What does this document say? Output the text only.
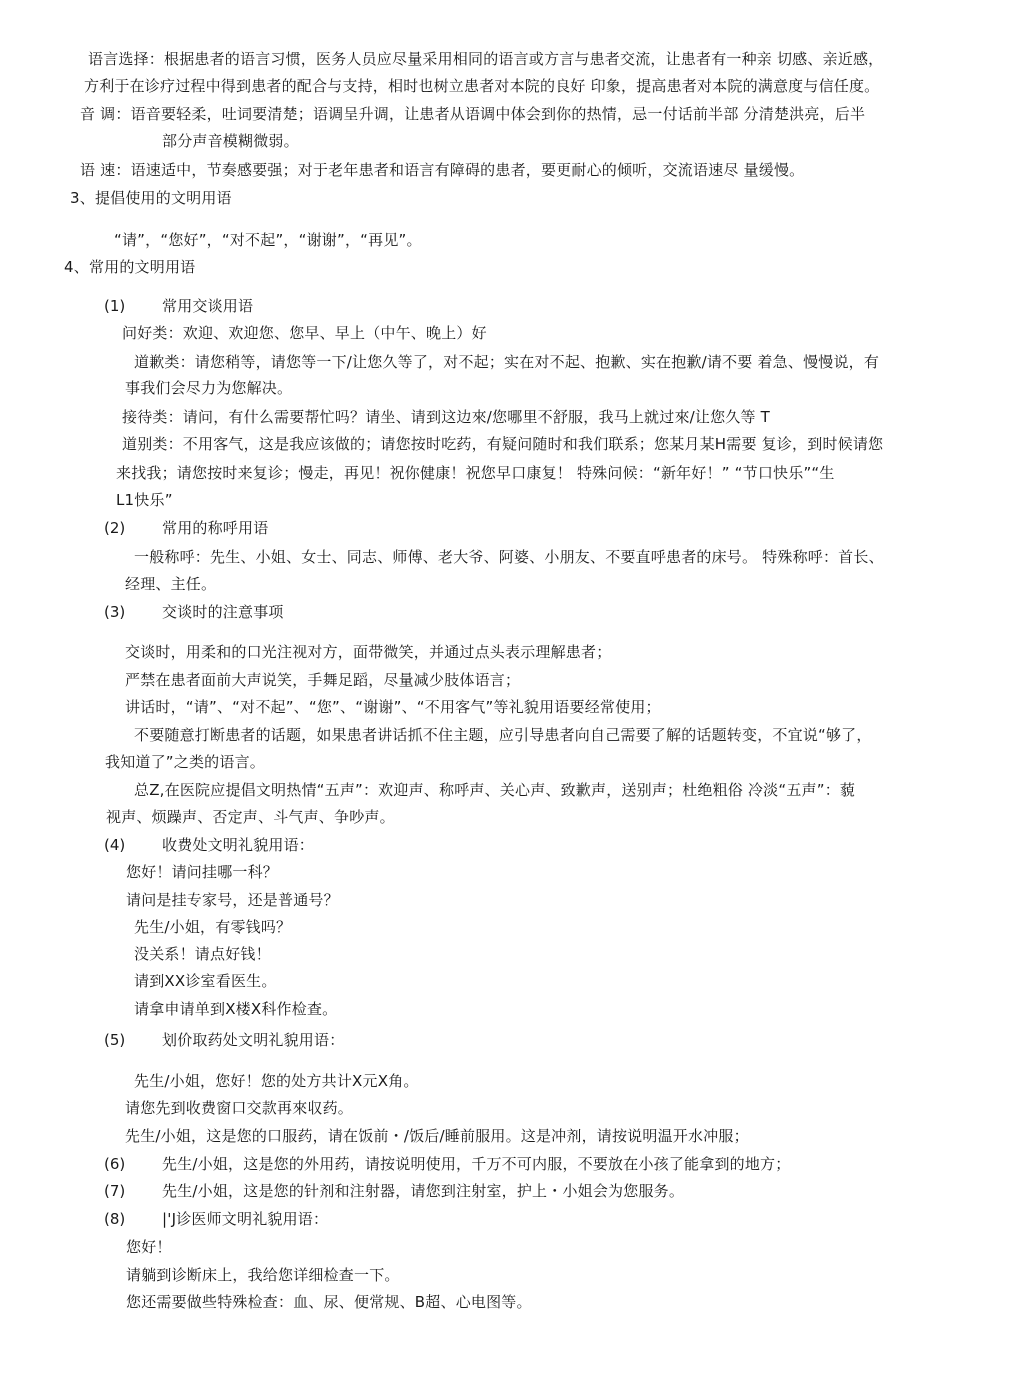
语言选择：根据患者的语言习惯，医务人员应尽量采用相同的语言或方言与患者交流，让患者有一种亲 切感、亲近感，
方利于在诊疗过程中得到患者的配合与支持，相时也树立患者对本院的良好 印象，提高患者对本院的满意度与信任度。
音 调：语音要轻柔，吐词要清楚；语调呈升调，让患者从语调中体会到你的热情，忌一付话前半部 分清楚洪亮，后半
部分声音模糊微弱。
语 速：语速适中，节奏感要强；对于老年患者和语言有障碍的患者，要更耐心的倾听，交流语速尽 量缓慢。
3、提倡使用的文明用语
“请”，“您好”，“对不起”，“谢谢”，“再见”。
4、常用的文明用语
(1) 常用交谈用语
问好类：欢迎、欢迎您、您早、早上（中午、晚上）好
道歉类：请您稍等，请您等一下/让您久等了，对不起；实在对不起、抱歉、实在抱歉/请不要 着急、慢慢说，有
事我们会尽力为您解决。
接待类：请问，有什么需要帮忙吗？请坐、请到这边來/您哪里不舒服，我马上就过來/让您久等 T
道别类：不用客气，这是我应该做的；请您按时吃药，有疑问随时和我们联系；您某月某H需要 复诊，到时候请您
来找我；请您按时来复诊；慢走，再见！祝你健康！祝您早口康复！ 特殊问候：“新年好！” “节口快乐”“生
L1快乐”
(2) 常用的称呼用语
一般称呼：先生、小姐、女士、同志、师傅、老大爷、阿婆、小朋友、不要直呼患者的床号。 特殊称呼：首长、
经理、主任。
(3) 交谈时的注意事项
交谈时，用柔和的口光注视对方，面带微笑，并通过点头表示理解患者；
严禁在患者面前大声说笑，手舞足蹈，尽量减少肢体语言；
讲话时，“请”、“对不起”、“您”、“谢谢”、“不用客气”等礼貌用语要经常使用；
不要随意打断患者的话题，如果患者讲话抓不住主题，应引导患者向自己需要了解的话题转变，不宜说“够了，
我知道了”之类的语言。
总Z,在医院应提倡文明热情“五声”：欢迎声、称呼声、关心声、致歉声，送别声；杜绝粗俗 冷淡“五声”：藐
视声、烦躁声、否定声、斗气声、争吵声。
(4) 收费处文明礼貌用语：
您好！请问挂哪一科？
请问是挂专家号，还是普通号？
先生/小姐，有零钱吗？
没关系！请点好钱！
请到XX诊室看医生。
请拿申请单到X楼X科作检查。
(5) 划价取药处文明礼貌用语：
先生/小姐，您好！您的处方共计X元X角。
请您先到收费窗口交款再來収药。
先生/小姐，这是您的口服药，请在饭前・/饭后/睡前服用。这是冲剂，请按说明温开水冲服；
(6) 先生/小姐，这是您的外用药，请按说明使用，千万不可内服，不要放在小孩了能拿到的地方；
(7) 先生/小姐，这是您的针剂和注射器，请您到注射室，护上・小姐会为您服务。
(8) |'J诊医师文明礼貌用语：
您好！
请躺到诊断床上，我给您详细检查一下。
您还需要做些特殊检查：血、尿、便常规、B超、心电图等。
